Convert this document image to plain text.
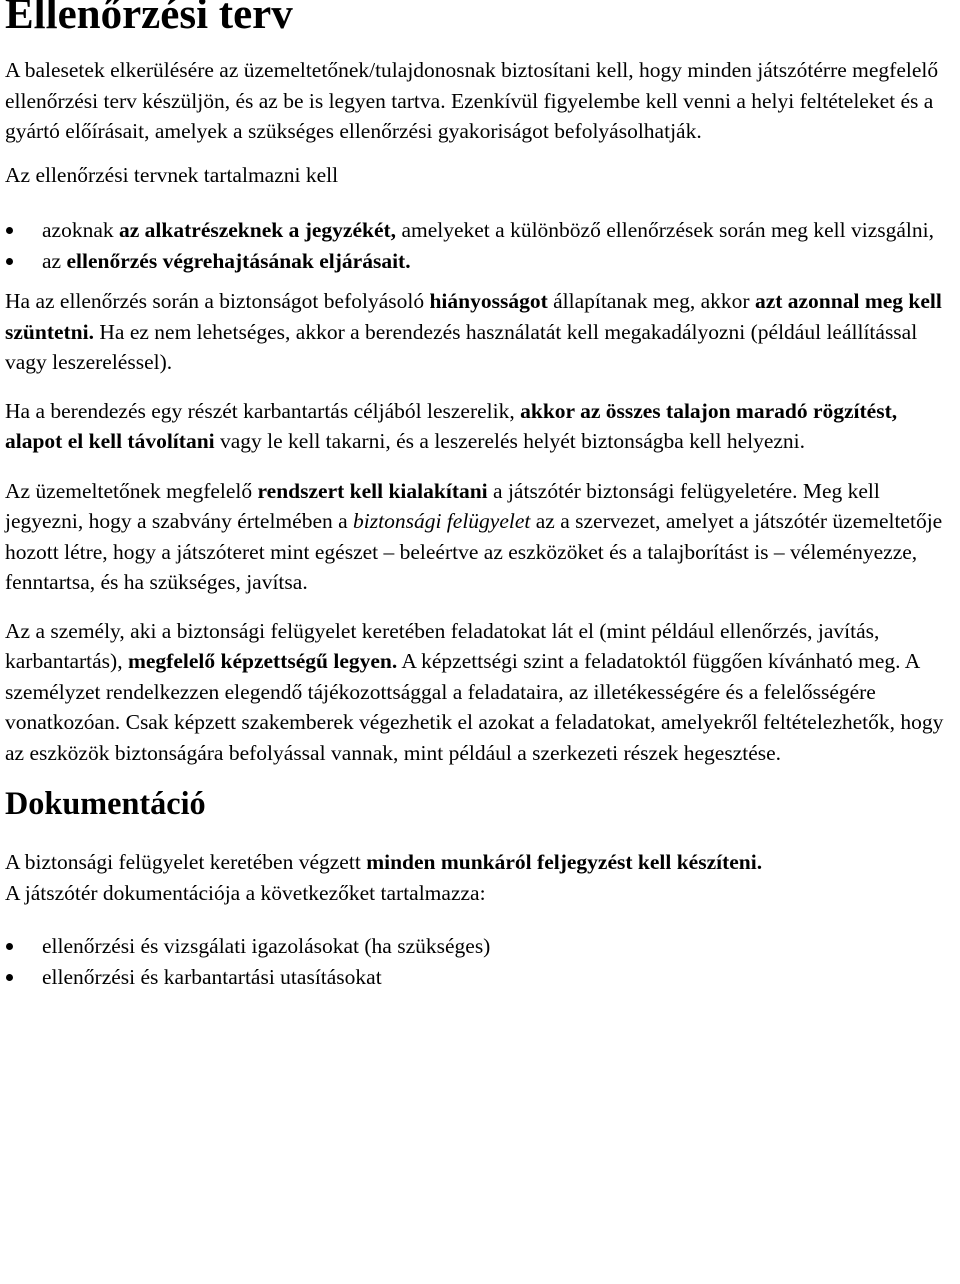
Ellenőrzési terv

A balesetek elkerülésére az üzemeltetőnek/tulajdonosnak biztosítani kell, hogy minden játszótérre megfelelő ellenőrzési terv készüljön, és az be is legyen tartva. Ezenkívül figyelembe kell venni a helyi feltételeket és a gyártó előírásait, amelyek a szükséges ellenőrzési gyakoriságot befolyásolhatják.

Az ellenőrzési tervnek tartalmazni kell

azoknak az alkatrészeknek a jegyzékét, amelyeket a különböző ellenőrzések során meg kell vizsgálni,
az ellenőrzés végrehajtásának eljárásait.

Ha az ellenőrzés során a biztonságot befolyásoló hiányosságot állapítanak meg, akkor azt azonnal meg kell szüntetni. Ha ez nem lehetséges, akkor a berendezés használatát kell megakadályozni (például leállítással vagy leszereléssel).

Ha a berendezés egy részét karbantartás céljából leszerelik, akkor az összes talajon maradó rögzítést, alapot el kell távolítani vagy le kell takarni, és a leszerelés helyét biztonságba kell helyezni.

Az üzemeltetőnek megfelelő rendszert kell kialakítani a játszótér biztonsági felügyeletére. Meg kell jegyezni, hogy a szabvány értelmében a biztonsági felügyelet az a szervezet, amelyet a játszótér üzemeltetője hozott létre, hogy a játszóteret mint egészet – beleértve az eszközöket és a talajborítást is – véleményezze, fenntartsa, és ha szükséges, javítsa.

Az a személy, aki a biztonsági felügyelet keretében feladatokat lát el (mint például ellenőrzés, javítás, karbantartás), megfelelő képzettségű legyen. A képzettségi szint a feladatoktól függően kívánható meg. A személyzet rendelkezzen elegendő tájékozottsággal a feladataira, az illetékességére és a felelősségére vonatkozóan. Csak képzett szakemberek végezhetik el azokat a feladatokat, amelyekről feltételezhetők, hogy az eszközök biztonságára befolyással vannak, mint például a szerkezeti részek hegesztése.

Dokumentáció

A biztonsági felügyelet keretében végzett minden munkáról feljegyzést kell készíteni.

A játszótér dokumentációja a következőket tartalmazza:

ellenőrzési és vizsgálati igazolásokat (ha szükséges)
ellenőrzési és karbantartási utasításokat
